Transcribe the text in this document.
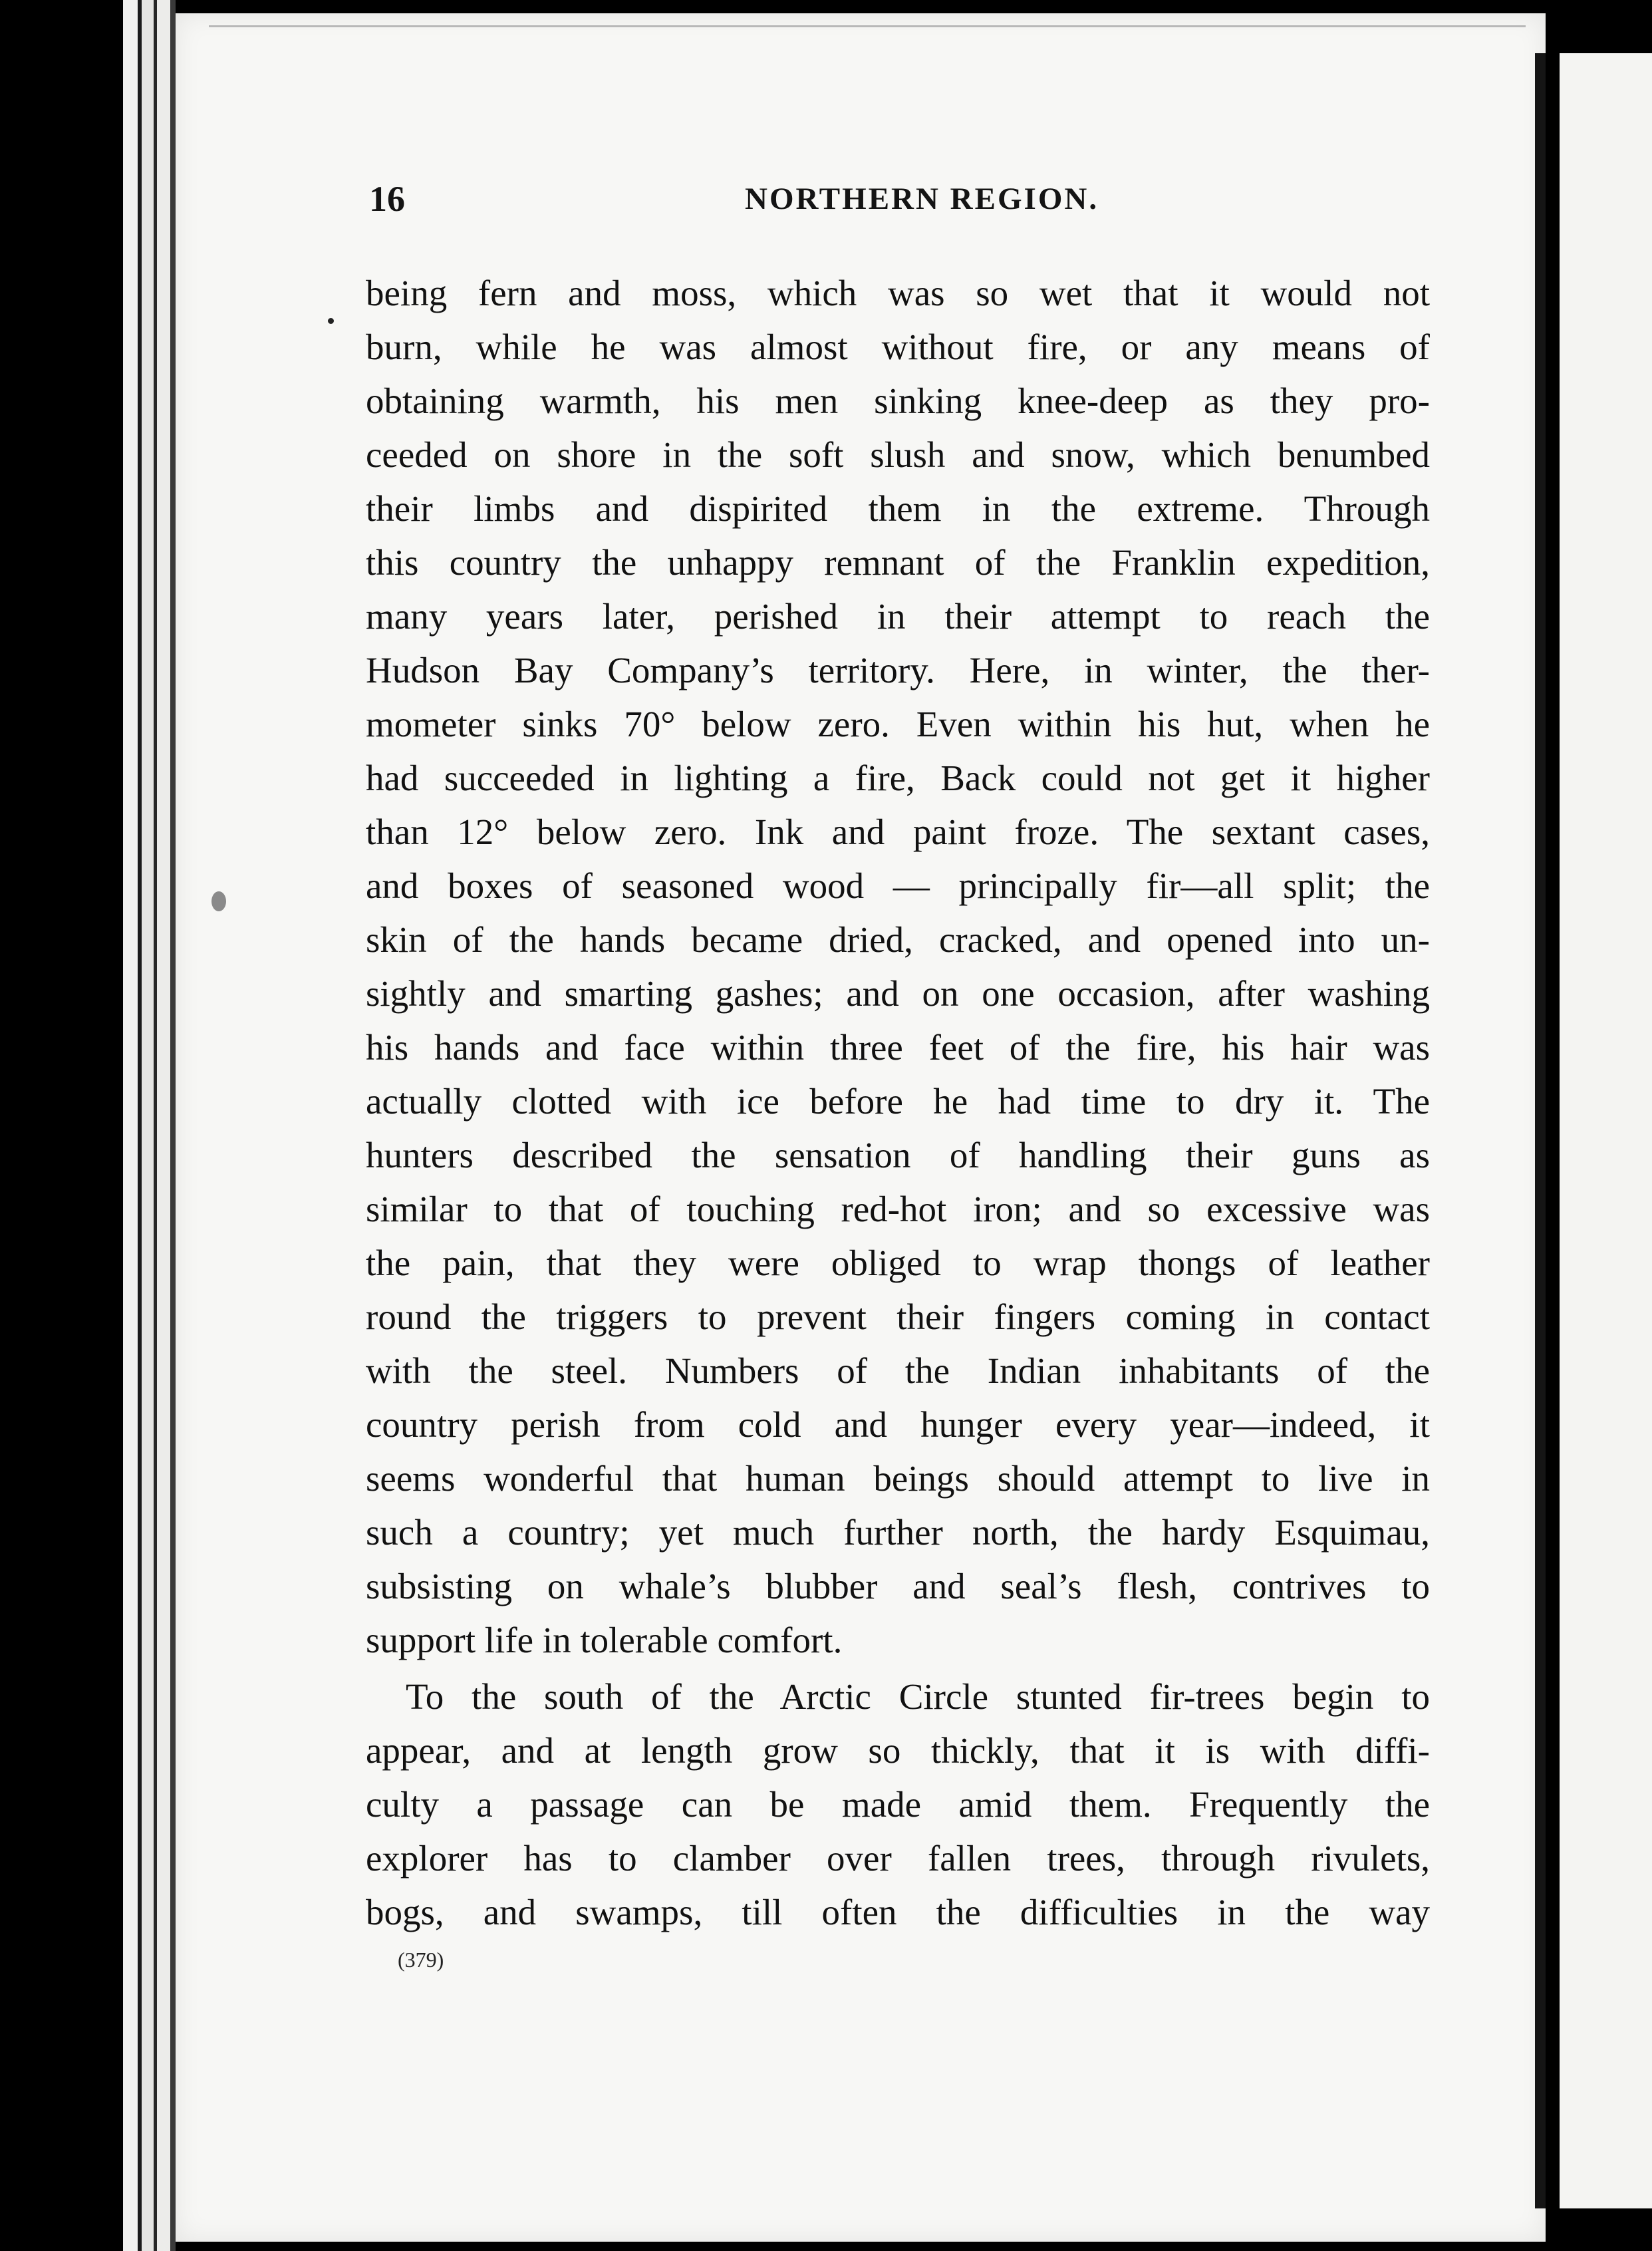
16	NORTHERN REGION.
being fern and moss, which was so wet that it would not
burn, while he was almost without fire, or any means of
obtaining warmth, his men sinking knee-deep as they pro-
ceeded on shore in the soft slush and snow, which benumbed
their limbs and dispirited them in the extreme. Through
this country the unhappy remnant of the Franklin expedition,
many years later, perished in their attempt to reach the
Hudson Bay Company’s territory. Here, in winter, the ther-
mometer sinks 70° below zero. Even within his hut, when he
had succeeded in lighting a fire, Back could not get it higher
than 12° below zero. Ink and paint froze. The sextant cases,
and boxes of seasoned wood — principally fir—all split; the
skin of the hands became dried, cracked, and opened into un-
sightly and smarting gashes; and on one occasion, after washing
his hands and face within three feet of the fire, his hair was
actually clotted with ice before he had time to dry it. The
hunters described the sensation of handling their guns as
similar to that of touching red-hot iron; and so excessive was
the pain, that they were obliged to wrap thongs of leather
round the triggers to prevent their fingers coming in contact
with the steel. Numbers of the Indian inhabitants of the
country perish from cold and hunger every year—indeed, it
seems wonderful that human beings should attempt to live in
such a country; yet much further north, the hardy Esquimau,
subsisting on whale’s blubber and seal’s flesh, contrives to
support life in tolerable comfort.
To the south of the Arctic Circle stunted fir-trees begin to
appear, and at length grow so thickly, that it is with diffi-
culty a passage can be made amid them. Frequently the
explorer has to clamber over fallen trees, through rivulets,
bogs, and swamps, till often the difficulties in the way
(379)
